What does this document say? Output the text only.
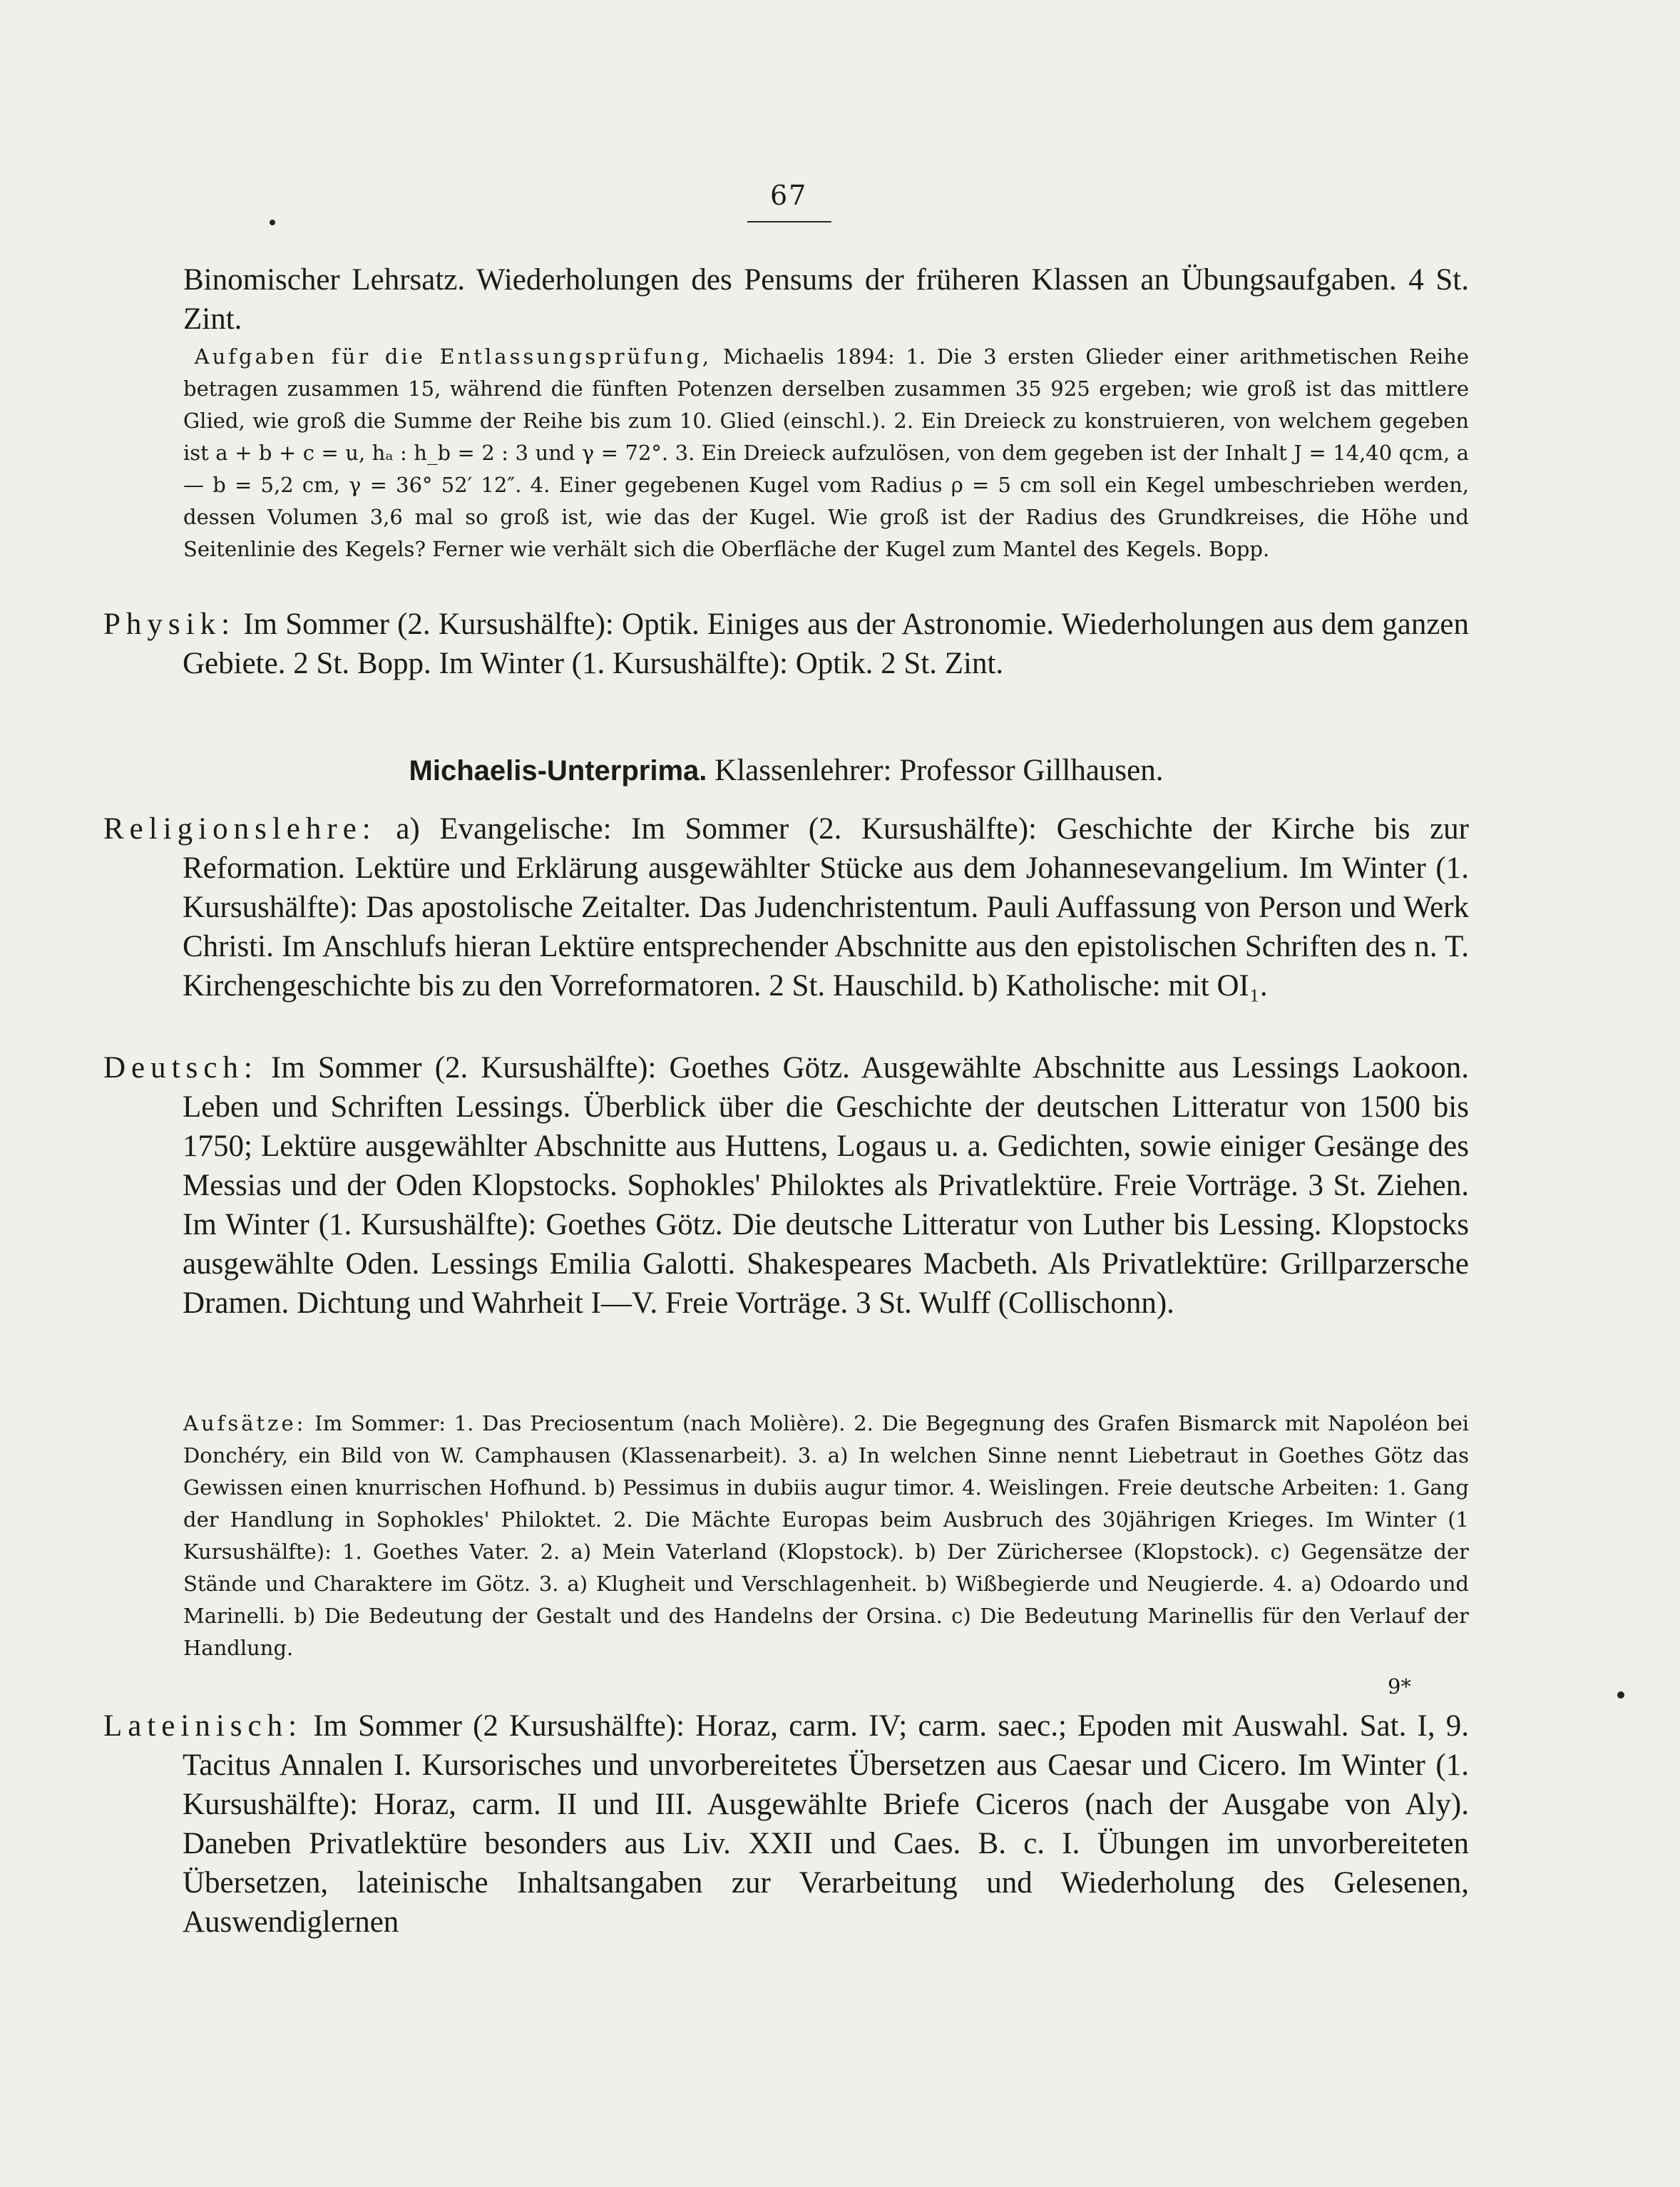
67

Binomischer Lehrsatz. Wiederholungen des Pensums der früheren Klassen an Übungsaufgaben. 4 St. Zint.

Aufgaben für die Entlassungsprüfung, Michaelis 1894: 1. Die 3 ersten Glieder einer arithmetischen Reihe betragen zusammen 15, während die fünften Potenzen derselben zusammen 35 925 ergeben; wie groß ist das mittlere Glied, wie groß die Summe der Reihe bis zum 10. Glied (einschl.). 2. Ein Dreieck zu konstruieren, von welchem gegeben ist a + b + c = u, hₐ : h_b = 2 : 3 und γ = 72°. 3. Ein Dreieck aufzulösen, von dem gegeben ist der Inhalt J = 14,40 qcm, a — b = 5,2 cm, γ = 36° 52′ 12″. 4. Einer gegebenen Kugel vom Radius ρ = 5 cm soll ein Kegel umbeschrieben werden, dessen Volumen 3,6 mal so groß ist, wie das der Kugel. Wie groß ist der Radius des Grundkreises, die Höhe und Seitenlinie des Kegels? Ferner wie verhält sich die Oberfläche der Kugel zum Mantel des Kegels. Bopp.

Physik: Im Sommer (2. Kursushälfte): Optik. Einiges aus der Astronomie. Wiederholungen aus dem ganzen Gebiete. 2 St. Bopp. Im Winter (1. Kursushälfte): Optik. 2 St. Zint.

Michaelis-Unterprima. Klassenlehrer: Professor Gillhausen.

Religionslehre: a) Evangelische: Im Sommer (2. Kursushälfte): Geschichte der Kirche bis zur Reformation. Lektüre und Erklärung ausgewählter Stücke aus dem Johannesevangelium. Im Winter (1. Kursushälfte): Das apostolische Zeitalter. Das Judenchristentum. Pauli Auffassung von Person und Werk Christi. Im Anschlufs hieran Lektüre entsprechender Abschnitte aus den epistolischen Schriften des n. T. Kirchengeschichte bis zu den Vorreformatoren. 2 St. Hauschild. b) Katholische: mit OI₁.

Deutsch: Im Sommer (2. Kursushälfte): Goethes Götz. Ausgewählte Abschnitte aus Lessings Laokoon. Leben und Schriften Lessings. Überblick über die Geschichte der deutschen Litteratur von 1500 bis 1750; Lektüre ausgewählter Abschnitte aus Huttens, Logaus u. a. Gedichten, sowie einiger Gesänge des Messias und der Oden Klopstocks. Sophokles' Philoktes als Privatlektüre. Freie Vorträge. 3 St. Ziehen. Im Winter (1. Kursushälfte): Goethes Götz. Die deutsche Litteratur von Luther bis Lessing. Klopstocks ausgewählte Oden. Lessings Emilia Galotti. Shakespeares Macbeth. Als Privatlektüre: Grillparzersche Dramen. Dichtung und Wahrheit I—V. Freie Vorträge. 3 St. Wulff (Collischonn).

Aufsätze: Im Sommer: 1. Das Preciosentum (nach Molière). 2. Die Begegnung des Grafen Bismarck mit Napoléon bei Donchéry, ein Bild von W. Camphausen (Klassenarbeit). 3. a) In welchen Sinne nennt Liebetraut in Goethes Götz das Gewissen einen knurrischen Hofhund. b) Pessimus in dubiis augur timor. 4. Weislingen. Freie deutsche Arbeiten: 1. Gang der Handlung in Sophokles' Philoktet. 2. Die Mächte Europas beim Ausbruch des 30jährigen Krieges. Im Winter (1 Kursushälfte): 1. Goethes Vater. 2. a) Mein Vaterland (Klopstock). b) Der Zürichersee (Klopstock). c) Gegensätze der Stände und Charaktere im Götz. 3. a) Klugheit und Verschlagenheit. b) Wißbegierde und Neugierde. 4. a) Odoardo und Marinelli. b) Die Bedeutung der Gestalt und des Handelns der Orsina. c) Die Bedeutung Marinellis für den Verlauf der Handlung.

Lateinisch: Im Sommer (2 Kursushälfte): Horaz, carm. IV; carm. saec.; Epoden mit Auswahl. Sat. I, 9. Tacitus Annalen I. Kursorisches und unvorbereitetes Übersetzen aus Caesar und Cicero. Im Winter (1. Kursushälfte): Horaz, carm. II und III. Ausgewählte Briefe Ciceros (nach der Ausgabe von Aly). Daneben Privatlektüre besonders aus Liv. XXII und Caes. B. c. I. Übungen im unvorbereiteten Übersetzen, lateinische Inhaltsangaben zur Verarbeitung und Wiederholung des Gelesenen, Auswendiglernen

9*
